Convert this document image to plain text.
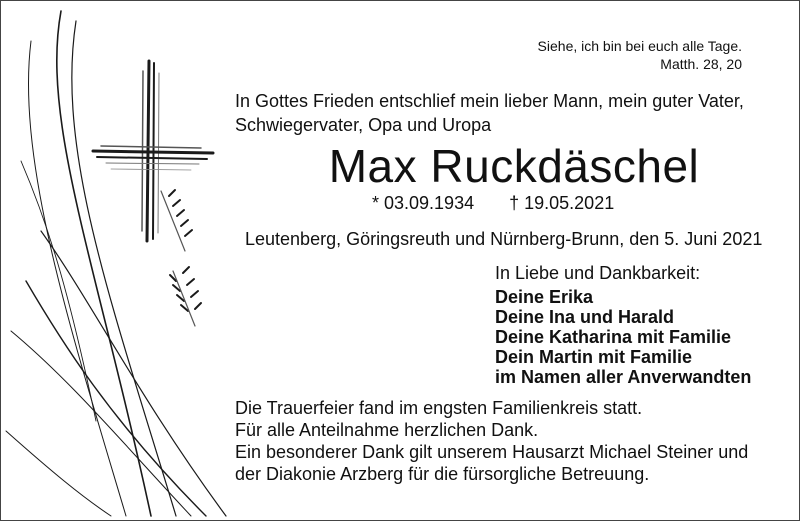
Siehe, ich bin bei euch alle Tage.
Matth. 28, 20
In Gottes Frieden entschlief mein lieber Mann, mein guter Vater,
Schwiegervater, Opa und Uropa
Max Ruckdäschel
* 03.09.1934 † 19.05.2021
Leutenberg, Göringsreuth und Nürnberg-Brunn, den 5. Juni 2021
In Liebe und Dankbarkeit:
Deine Erika
Deine Ina und Harald
Deine Katharina mit Familie
Dein Martin mit Familie
im Namen aller Anverwandten
Die Trauerfeier fand im engsten Familienkreis statt.
Für alle Anteilnahme herzlichen Dank.
Ein besonderer Dank gilt unserem Hausarzt Michael Steiner und
der Diakonie Arzberg für die fürsorgliche Betreuung.
